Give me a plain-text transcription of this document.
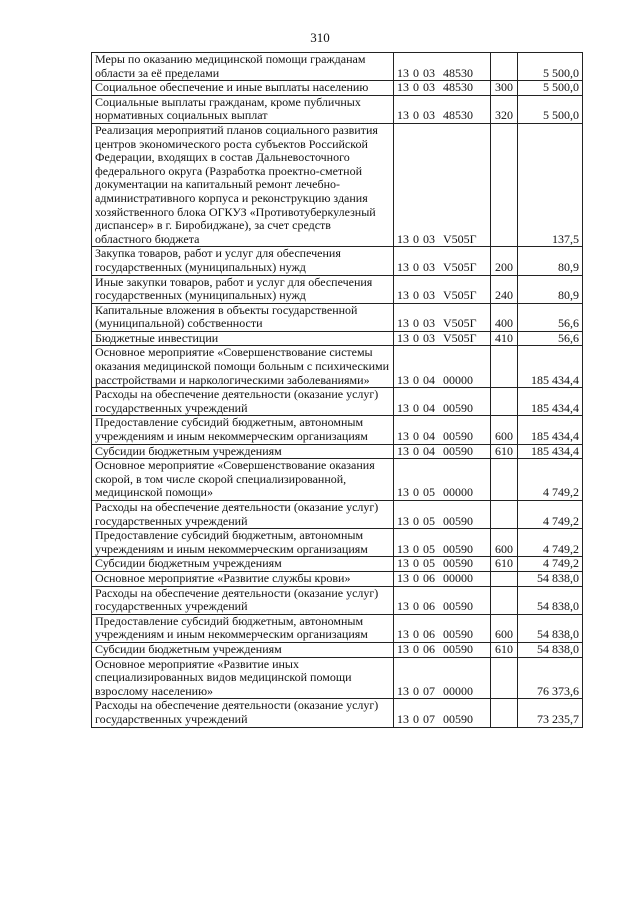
310
Меры по оказанию медицинской помощи гражданам области за её пределами	13 0 03 48530		5 500,0
Социальное обеспечение и иные выплаты населению	13 0 03 48530	300	5 500,0
Социальные выплаты гражданам, кроме публичных нормативных социальных выплат	13 0 03 48530	320	5 500,0
Реализация мероприятий планов социального развития центров экономического роста субъектов Российской Федерации, входящих в состав Дальневосточного федерального округа (Разработка проектно-сметной документации на капитальный ремонт лечебно-административного корпуса и реконструкцию здания хозяйственного блока ОГКУЗ «Противотуберкулезный диспансер» в г. Биробиджане), за счет средств областного бюджета	13 0 03 V505Г		137,5
Закупка товаров, работ и услуг для обеспечения государственных (муниципальных) нужд	13 0 03 V505Г	200	80,9
Иные закупки товаров, работ и услуг для обеспечения государственных (муниципальных) нужд	13 0 03 V505Г	240	80,9
Капитальные вложения в объекты государственной (муниципальной) собственности	13 0 03 V505Г	400	56,6
Бюджетные инвестиции	13 0 03 V505Г	410	56,6
Основное мероприятие «Совершенствование системы оказания медицинской помощи больным с психическими расстройствами и наркологическими заболеваниями»	13 0 04 00000		185 434,4
Расходы на обеспечение деятельности (оказание услуг) государственных учреждений	13 0 04 00590		185 434,4
Предоставление субсидий бюджетным, автономным учреждениям и иным некоммерческим организациям	13 0 04 00590	600	185 434,4
Субсидии бюджетным учреждениям	13 0 04 00590	610	185 434,4
Основное мероприятие «Совершенствование оказания скорой, в том числе скорой специализированной, медицинской помощи»	13 0 05 00000		4 749,2
Расходы на обеспечение деятельности (оказание услуг) государственных учреждений	13 0 05 00590		4 749,2
Предоставление субсидий бюджетным, автономным учреждениям и иным некоммерческим организациям	13 0 05 00590	600	4 749,2
Субсидии бюджетным учреждениям	13 0 05 00590	610	4 749,2
Основное мероприятие «Развитие службы крови»	13 0 06 00000		54 838,0
Расходы на обеспечение деятельности (оказание услуг) государственных учреждений	13 0 06 00590		54 838,0
Предоставление субсидий бюджетным, автономным учреждениям и иным некоммерческим организациям	13 0 06 00590	600	54 838,0
Субсидии бюджетным учреждениям	13 0 06 00590	610	54 838,0
Основное мероприятие «Развитие иных специализированных видов медицинской помощи взрослому населению»	13 0 07 00000		76 373,6
Расходы на обеспечение деятельности (оказание услуг) государственных учреждений	13 0 07 00590		73 235,7
